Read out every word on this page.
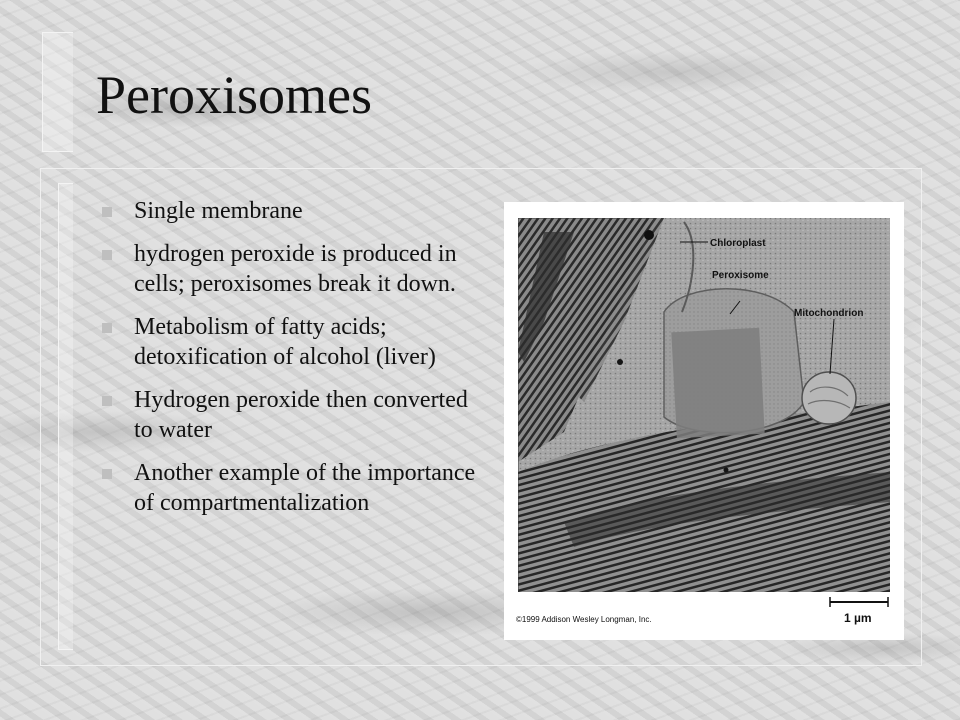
Peroxisomes
Single membrane
hydrogen peroxide is produced in cells; peroxisomes break it down.
Metabolism of fatty acids; detoxification of alcohol (liver)
Hydrogen peroxide then converted to water
Another example of the importance of compartmentalization
Chloroplast
Peroxisome
Mitochondrion
©1999 Addison Wesley Longman, Inc.	1 µm
